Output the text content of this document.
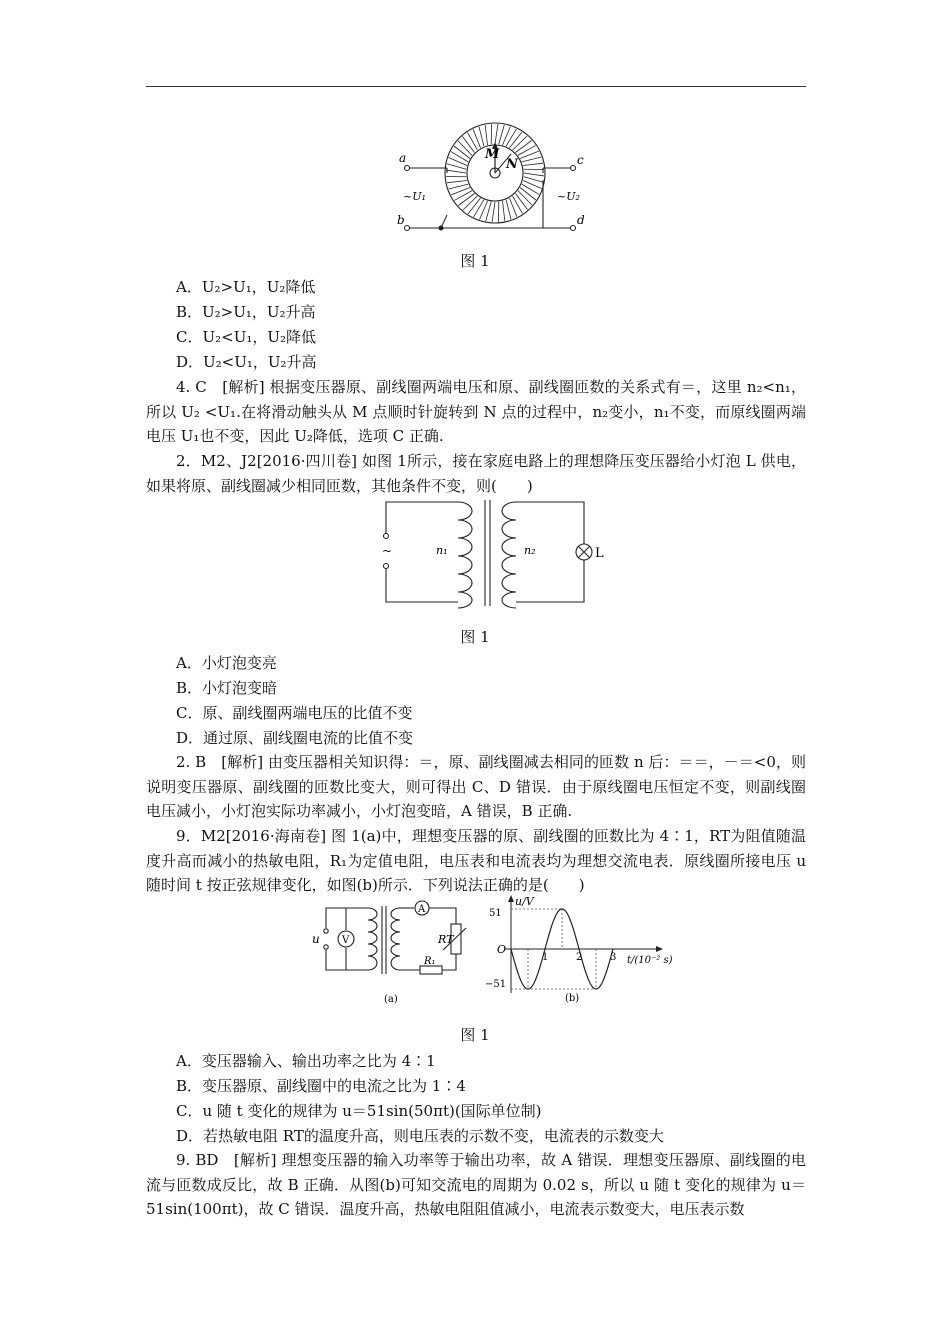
M
N
a
b
c
d
~U₁	~U₂
图 1
A．U₂>U₁，U₂降低
B．U₂>U₁，U₂升高
C．U₂<U₁，U₂降低
D．U₂<U₁，U₂升高
4. C　[解析] 根据变压器原、副线圈两端电压和原、副线圈匝数的关系式有＝，这里 n₂<n₁，所以 U₂ <U₁.在将滑动触头从 M 点顺时针旋转到 N 点的过程中，n₂变小，n₁不变，而原线圈两端电压 U₁也不变，因此 U₂降低，选项 C 正确.
2．M2、J2[2016·四川卷] 如图 1所示，接在家庭电路上的理想降压变压器给小灯泡 L 供电，如果将原、副线圈减少相同匝数，其他条件不变，则(　　)
~	n₁	n₂	L
图 1
A．小灯泡变亮
B．小灯泡变暗
C．原、副线圈两端电压的比值不变
D．通过原、副线圈电流的比值不变
2. B　[解析] 由变压器相关知识得：＝，原、副线圈减去相同的匝数 n 后：＝＝，－＝<0，则说明变压器原、副线圈的匝数比变大，则可得出 C、D 错误．由于原线圈电压恒定不变，则副线圈电压减小，小灯泡实际功率减小，小灯泡变暗，A 错误，B 正确.
9．M2[2016·海南卷] 图 1(a)中，理想变压器的原、副线圈的匝数比为 4∶1，RT为阻值随温度升高而减小的热敏电阻，R₁为定值电阻，电压表和电流表均为理想交流电表．原线圈所接电压 u 随时间 t 按正弦规律变化，如图(b)所示．下列说法正确的是(　　)
u V
A
RT
R₁
(a)
u/V
51
−51
O
1	2	3 t/(10⁻² s)
(b)
图 1
A．变压器输入、输出功率之比为 4∶1
B．变压器原、副线圈中的电流之比为 1∶4
C．u 随 t 变化的规律为 u＝51sin(50πt)(国际单位制)
D．若热敏电阻 RT的温度升高，则电压表的示数不变，电流表的示数变大
9. BD　[解析] 理想变压器的输入功率等于输出功率，故 A 错误．理想变压器原、副线圈的电流与匝数成反比，故 B 正确．从图(b)可知交流电的周期为 0.02 s，所以 u 随 t 变化的规律为 u＝51sin(100πt)，故 C 错误．温度升高，热敏电阻阻值减小，电流表示数变大，电压表示数
